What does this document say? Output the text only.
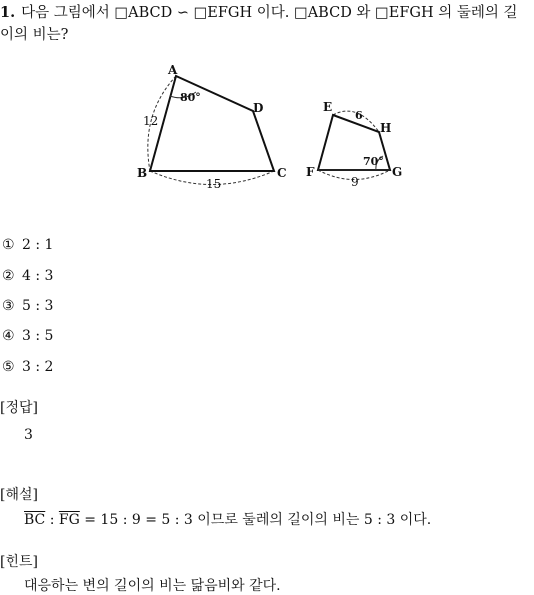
1. 다음 그림에서 □ABCD ∽ □EFGH 이다. □ABCD 와 □EFGH 의 둘레의 길
이의 비는?
A
B	C
D
80°
12
15
E
F	G
H
6
70°
9
① 2 : 1
② 4 : 3
③ 5 : 3
④ 3 : 5
⑤ 3 : 2
[정답]
3
[해설]
$\overline{BC}$ : $\overline{FG} = 15$ : 9 = 5 : 3 이므로 둘레의 길이의 비는 5 : 3 이다.
[힌트]
대응하는 변의 길이의 비는 닮음비와 같다.
